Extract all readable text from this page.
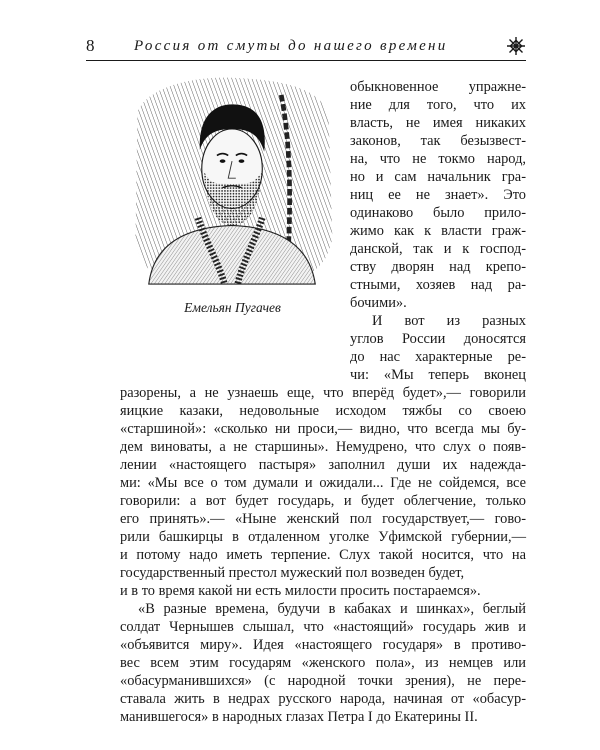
8	Россия от смуты до нашего времени
Емельян Пугачев
обыкновенное упражне-
ние для того, что их
власть, не имея никаких
законов, так безызвест-
на, что не токмо народ,
но и сам начальник гра-
ниц ее не знает». Это
одинаково было прило-
жимо как к власти граж-
данской, так и к господ-
ству дворян над крепо-
стными, хозяев над ра-
бочими».
И вот из разных
углов России доносятся
до нас характерные ре-
чи: «Мы теперь вконец
разорены, а не узнаешь еще, что вперёд будет»,— говорили
яицкие казаки, недовольные исходом тяжбы со своею
«старшиной»: «сколько ни проси,— видно, что всегда мы бу-
дем виноваты, а не старшины». Немудрено, что слух о появ-
лении «настоящего пастыря» заполнил души их надежда-
ми: «Мы все о том думали и ожидали... Где не сойдемся, все
говорили: а вот будет государь, и будет облегчение, только
его принять».— «Ныне женский пол государствует,— гово-
рили башкирцы в отдаленном уголке Уфимской губернии,—
и потому надо иметь терпение. Слух такой носится, что на
государственный престол мужеский пол возведен будет,
и в то время какой ни есть милости просить постараемся».
«В разные времена, будучи в кабаках и шинках», беглый
солдат Чернышев слышал, что «настоящий» государь жив и
«объявится миру». Идея «настоящего государя» в противо-
вес всем этим государям «женского пола», из немцев или
«обасурманившихся» (с народной точки зрения), не пере-
ставала жить в недрах русского народа, начиная от «обасур-
манившегося» в народных глазах Петра I до Екатерины II.
